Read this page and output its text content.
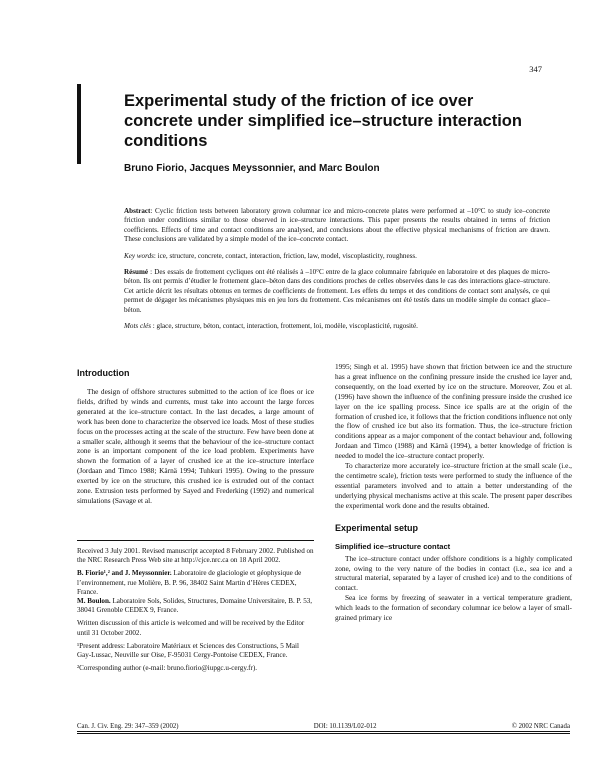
347
Experimental study of the friction of ice over concrete under simplified ice–structure interaction conditions

Bruno Fiorio, Jacques Meyssonnier, and Marc Boulon

Abstract: Cyclic friction tests between laboratory grown columnar ice and micro-concrete plates were performed at –10°C to study ice–concrete friction under conditions similar to those observed in ice–structure interactions. This paper presents the results obtained in terms of friction coefficients. Effects of time and contact conditions are analysed, and conclusions about the effective physical mechanisms of friction are drawn. These conclusions are validated by a simple model of the ice–concrete contact.

Key words: ice, structure, concrete, contact, interaction, friction, law, model, viscoplasticity, roughness.

Résumé : Des essais de frottement cycliques ont été réalisés à –10°C entre de la glace columnaire fabriquée en laboratoire et des plaques de micro-béton. Ils ont permis d’étudier le frottement glace–béton dans des conditions proches de celles observées dans le cas des interactions glace–structure. Cet article décrit les résultats obtenus en termes de coefficients de frottement. Les effets du temps et des conditions de contact sont analysés, ce qui permet de dégager les mécanismes physiques mis en jeu lors du frottement. Ces mécanismes ont été testés dans un modèle simple du contact glace–béton.

Mots clés : glace, structure, béton, contact, interaction, frottement, loi, modèle, viscoplasticité, rugosité.

Introduction

The design of offshore structures submitted to the action of ice floes or ice fields, drifted by winds and currents, must take into account the large forces generated at the ice–structure contact. In the last decades, a large amount of work has been done to characterize the observed ice loads. Most of these studies focus on the processes acting at the scale of the structure. Few have been done at a smaller scale, although it seems that the behaviour of the ice–structure contact zone is an important component of the ice load problem. Experiments have shown the formation of a layer of crushed ice at the ice–structure interface (Jordaan and Timco 1988; Kärnä 1994; Tuhkuri 1995). Owing to the pressure exerted by ice on the structure, this crushed ice is extruded out of the contact zone. Extrusion tests performed by Sayed and Frederking (1992) and numerical simulations (Savage et al.

Received 3 July 2001. Revised manuscript accepted 8 February 2002. Published on the NRC Research Press Web site at http://cjce.nrc.ca on 18 April 2002.

B. Fiorio¹,² and J. Meyssonnier. Laboratoire de glaciologie et géophysique de l’environnement, rue Molière, B. P. 96, 38402 Saint Martin d’Hères CEDEX, France.
M. Boulon. Laboratoire Sols, Solides, Structures, Domaine Universitaire, B. P. 53, 38041 Grenoble CEDEX 9, France.

Written discussion of this article is welcomed and will be received by the Editor until 31 October 2002.

¹Present address: Laboratoire Matériaux et Sciences des Constructions, 5 Mail Gay-Lussac, Neuville sur Oise, F-95031 Cergy-Pontoise CEDEX, France.

²Corresponding author (e-mail: bruno.fiorio@iupgc.u-cergy.fr).

1995; Singh et al. 1995) have shown that friction between ice and the structure has a great influence on the confining pressure inside the crushed ice layer and, consequently, on the load exerted by ice on the structure. Moreover, Zou et al. (1996) have shown the influence of the confining pressure inside the crushed ice layer on the ice spalling process. Since ice spalls are at the origin of the formation of crushed ice, it follows that the friction conditions influence not only the flow of crushed ice but also its formation. Thus, the ice–structure friction conditions appear as a major component of the contact behaviour and, following Jordaan and Timco (1988) and Kärnä (1994), a better knowledge of friction is needed to model the ice–structure contact properly.

To characterize more accurately ice–structure friction at the small scale (i.e., the centimetre scale), friction tests were performed to study the influence of the essential parameters involved and to attain a better understanding of the underlying physical mechanisms active at this scale. The present paper describes the experimental work done and the results obtained.

Experimental setup
Simplified ice–structure contact

The ice–structure contact under offshore conditions is a highly complicated zone, owing to the very nature of the bodies in contact (i.e., sea ice and a structural material, separated by a layer of crushed ice) and to the conditions of contact.

Sea ice forms by freezing of seawater in a vertical temperature gradient, which leads to the formation of secondary columnar ice below a layer of small-grained primary ice

Can. J. Civ. Eng. 29: 347–359 (2002)	DOI: 10.1139/L02-012	© 2002 NRC Canada
